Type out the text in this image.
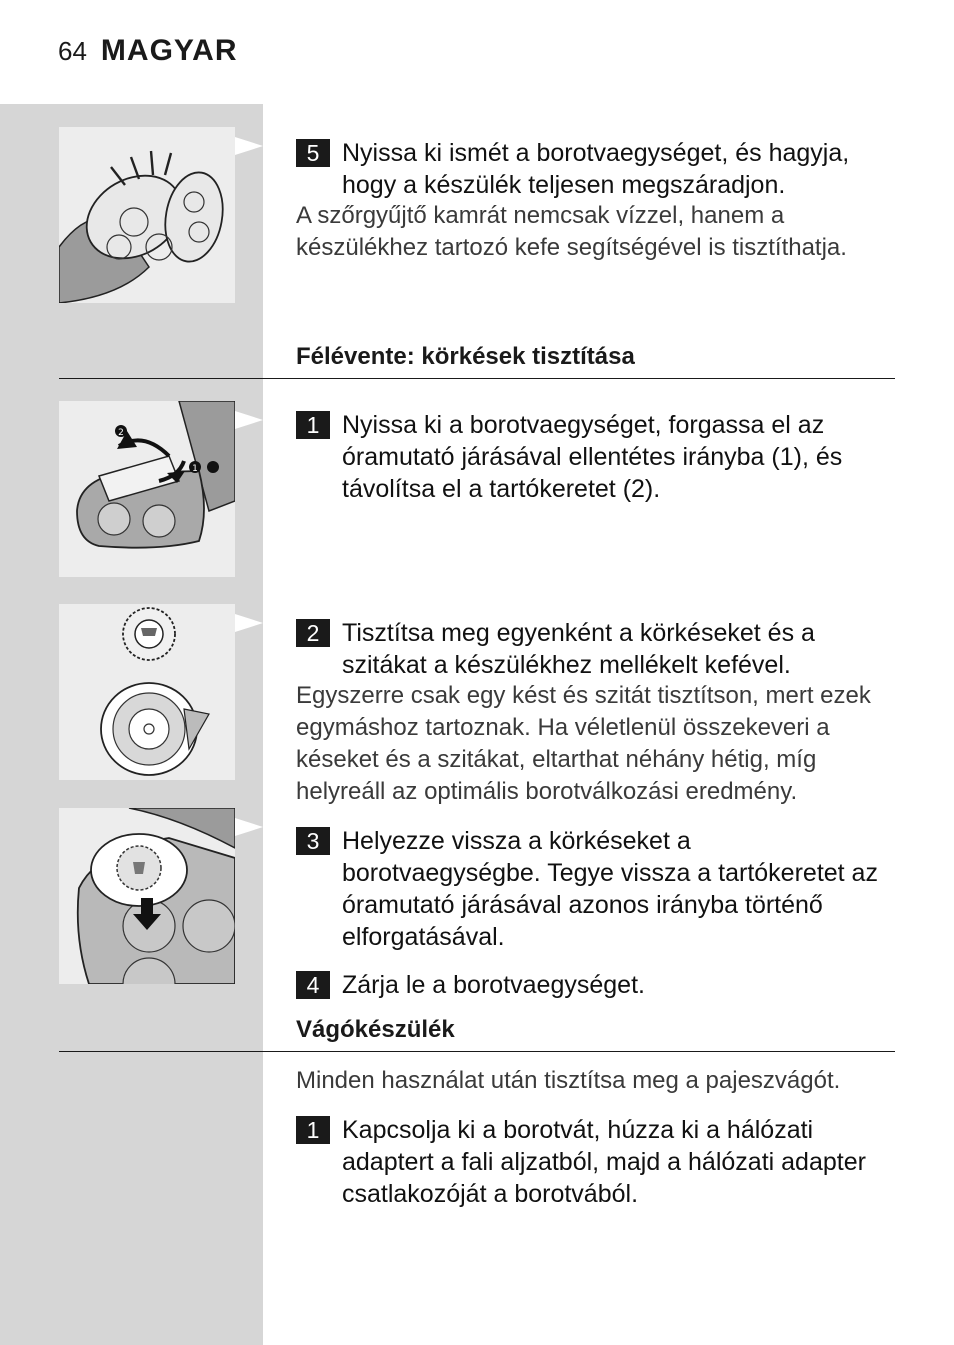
64 MAGYAR
5 Nyissa ki ismét a borotvaegységet, és hagyja, hogy a készülék teljesen megszáradjon.
A szőrgyűjtő kamrát nemcsak vízzel, hanem a készülékhez tartozó kefe segítségével is tisztíthatja.
Félévente: körkések tisztítása
2
1
1 Nyissa ki a borotvaegységet, forgassa el az óramutató járásával ellentétes irányba (1), és távolítsa el a tartókeretet (2).
2 Tisztítsa meg egyenként a körkéseket és a szitákat a készülékhez mellékelt kefével.
Egyszerre csak egy kést és szitát tisztítson, mert ezek egymáshoz tartoznak. Ha véletlenül összekeveri a késeket és a szitákat, eltarthat néhány hétig, míg helyreáll az optimális borotválkozási eredmény.
3 Helyezze vissza a körkéseket a borotvaegységbe. Tegye vissza a tartókeretet az óramutató járásával azonos irányba történő elforgatásával.
4 Zárja le a borotvaegységet.
Vágókészülék
Minden használat után tisztítsa meg a pajeszvágót.
1 Kapcsolja ki a borotvát, húzza ki a hálózati adaptert a fali aljzatból, majd a hálózati adapter csatlakozóját a borotvából.
